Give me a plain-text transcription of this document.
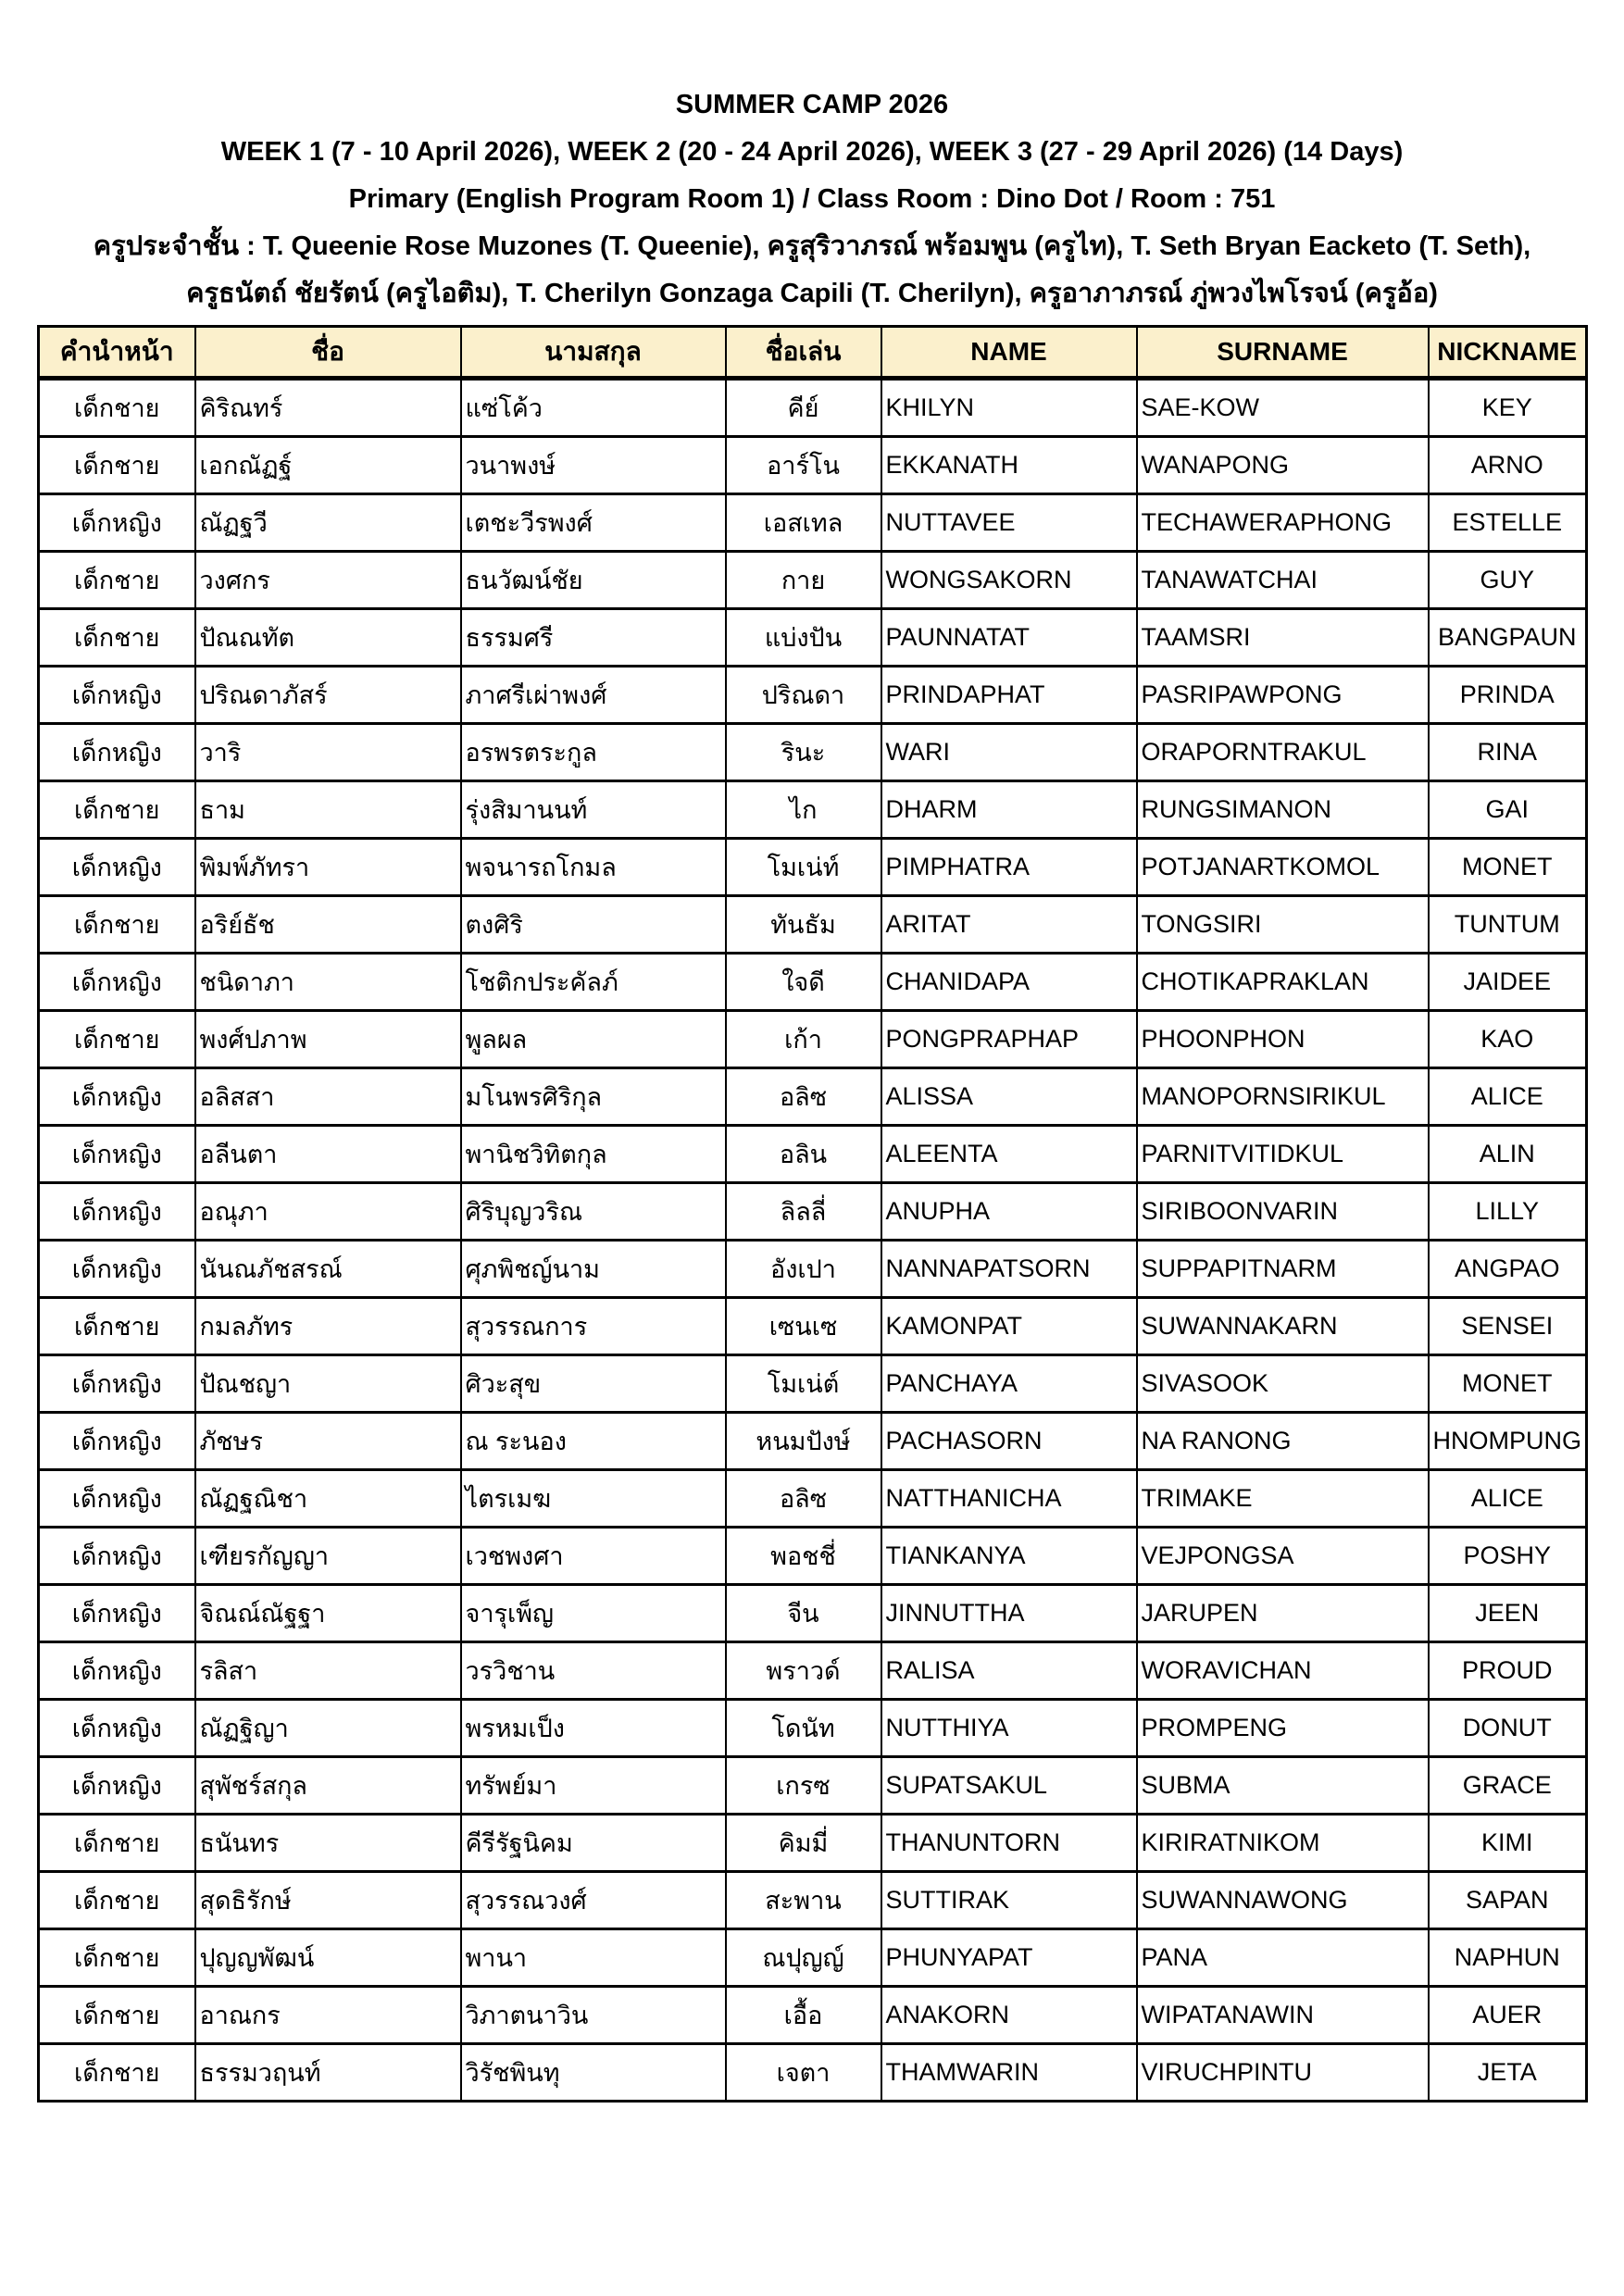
SUMMER CAMP 2026
WEEK 1 (7 - 10 April 2026), WEEK 2 (20 - 24 April 2026), WEEK 3 (27 - 29 April 2026) (14 Days)
Primary (English Program Room 1) / Class Room : Dino Dot / Room : 751
ครูประจำชั้น : T. Queenie Rose Muzones (T. Queenie), ครูสุริวาภรณ์ พร้อมพูน (ครูไท), T. Seth Bryan Eacketo (T. Seth),
ครูธนัตถ์ ชัยรัตน์ (ครูไอติม), T. Cherilyn Gonzaga Capili (T. Cherilyn), ครูอาภาภรณ์ ภู่พวงไพโรจน์ (ครูอ้อ)
คำนำหน้า	ชื่อ	นามสกุล	ชื่อเล่น	NAME	SURNAME	NICKNAME
เด็กชาย	คิริณทร์	แซ่โค้ว	คีย์	KHILYN	SAE-KOW	KEY
เด็กชาย	เอกณัฏฐ์	วนาพงษ์	อาร์โน	EKKANATH	WANAPONG	ARNO
เด็กหญิง	ณัฏฐวี	เตชะวีรพงศ์	เอสเทล	NUTTAVEE	TECHAWERAPHONG	ESTELLE
เด็กชาย	วงศกร	ธนวัฒน์ชัย	กาย	WONGSAKORN	TANAWATCHAI	GUY
เด็กชาย	ปัณณทัต	ธรรมศรี	แบ่งปัน	PAUNNATAT	TAAMSRI	BANGPAUN
เด็กหญิง	ปริณดาภัสร์	ภาศรีเผ่าพงศ์	ปริณดา	PRINDAPHAT	PASRIPAWPONG	PRINDA
เด็กหญิง	วาริ	อรพรตระกูล	รินะ	WARI	ORAPORNTRAKUL	RINA
เด็กชาย	ธาม	รุ่งสิมานนท์	ไก	DHARM	RUNGSIMANON	GAI
เด็กหญิง	พิมพ์ภัทรา	พจนารถโกมล	โมเน่ท์	PIMPHATRA	POTJANARTKOMOL	MONET
เด็กชาย	อริย์ธัช	ตงศิริ	ทันธัม	ARITAT	TONGSIRI	TUNTUM
เด็กหญิง	ชนิดาภา	โชติกประคัลภ์	ใจดี	CHANIDAPA	CHOTIKAPRAKLAN	JAIDEE
เด็กชาย	พงศ์ปภาพ	พูลผล	เก้า	PONGPRAPHAP	PHOONPHON	KAO
เด็กหญิง	อลิสสา	มโนพรศิริกุล	อลิซ	ALISSA	MANOPORNSIRIKUL	ALICE
เด็กหญิง	อลีนตา	พานิชวิทิตกุล	อลิน	ALEENTA	PARNITVITIDKUL	ALIN
เด็กหญิง	อณุภา	ศิริบุญวริณ	ลิลลี่	ANUPHA	SIRIBOONVARIN	LILLY
เด็กหญิง	นันณภัชสรณ์	ศุภพิชญ์นาม	อังเปา	NANNAPATSORN	SUPPAPITNARM	ANGPAO
เด็กชาย	กมลภัทร	สุวรรณการ	เซนเซ	KAMONPAT	SUWANNAKARN	SENSEI
เด็กหญิง	ปัณชญา	ศิวะสุข	โมเน่ต์	PANCHAYA	SIVASOOK	MONET
เด็กหญิง	ภัชษร	ณ ระนอง	หนมปังษ์	PACHASORN	NA RANONG	HNOMPUNG
เด็กหญิง	ณัฏฐณิชา	ไตรเมฆ	อลิซ	NATTHANICHA	TRIMAKE	ALICE
เด็กหญิง	เฑียรกัญญา	เวชพงศา	พอชชี่	TIANKANYA	VEJPONGSA	POSHY
เด็กหญิง	จิณณ์ณัฐฐา	จารุเพ็ญ	จีน	JINNUTTHA	JARUPEN	JEEN
เด็กหญิง	รลิสา	วรวิชาน	พราวด์	RALISA	WORAVICHAN	PROUD
เด็กหญิง	ณัฏฐิญา	พรหมเป็ง	โดนัท	NUTTHIYA	PROMPENG	DONUT
เด็กหญิง	สุพัชร์สกุล	ทรัพย์มา	เกรซ	SUPATSAKUL	SUBMA	GRACE
เด็กชาย	ธนันทร	คีรีรัฐนิคม	คิมมี่	THANUNTORN	KIRIRATNIKOM	KIMI
เด็กชาย	สุดธิรักษ์	สุวรรณวงศ์	สะพาน	SUTTIRAK	SUWANNAWONG	SAPAN
เด็กชาย	ปุญญพัฒน์	พานา	ณปุญญ์	PHUNYAPAT	PANA	NAPHUN
เด็กชาย	อาณกร	วิภาตนาวิน	เอื้อ	ANAKORN	WIPATANAWIN	AUER
เด็กชาย	ธรรมวฤนท์	วิรัชพินทุ	เจตา	THAMWARIN	VIRUCHPINTU	JETA
